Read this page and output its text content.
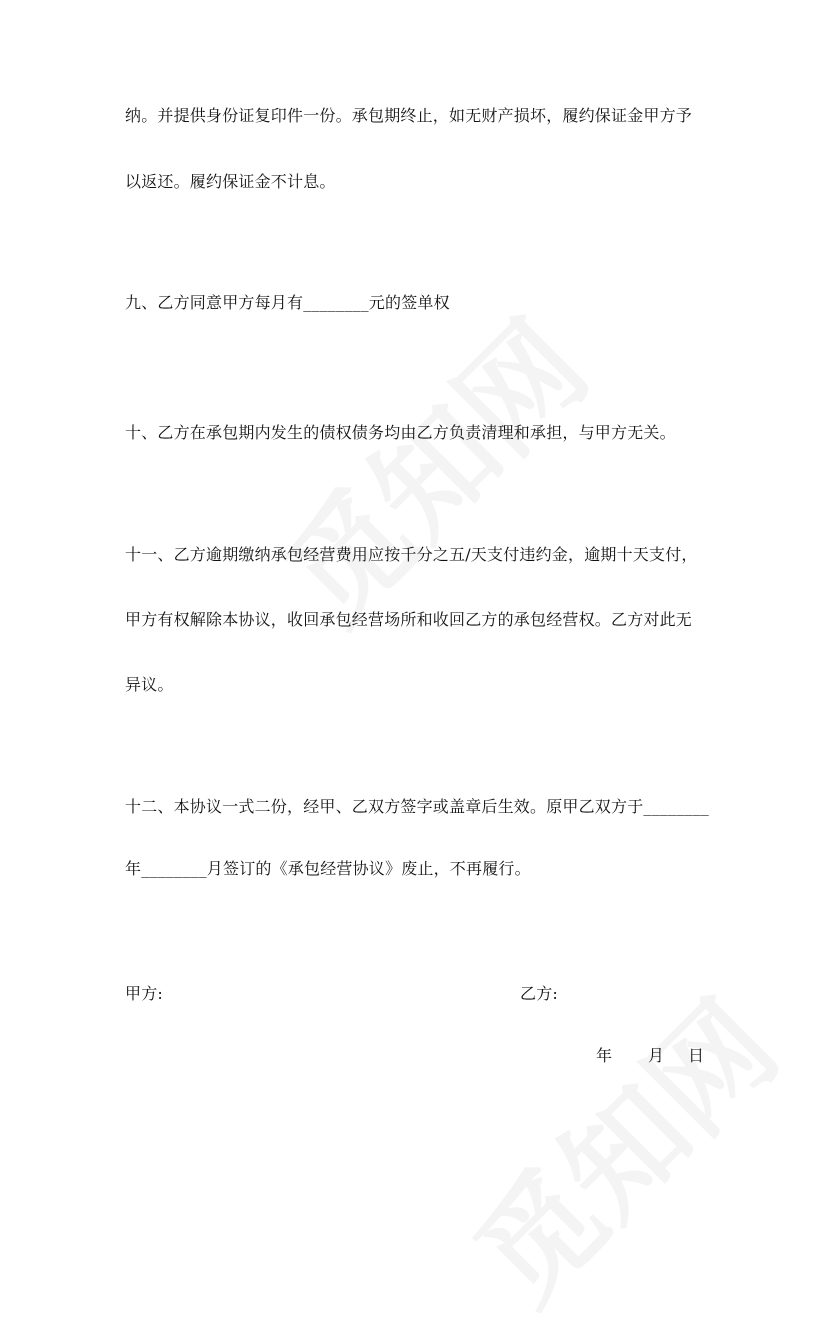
纳。并提供身份证复印件一份。承包期终止，如无财产损坏，履约保证金甲方予
以返还。履约保证金不计息。
九、乙方同意甲方每月有________元的签单权
十、乙方在承包期内发生的债权债务均由乙方负责清理和承担，与甲方无关。
十一、乙方逾期缴纳承包经营费用应按千分之五/天支付违约金，逾期十天支付，
甲方有权解除本协议，收回承包经营场所和收回乙方的承包经营权。乙方对此无
异议。
十二、本协议一式二份，经甲、乙双方签字或盖章后生效。原甲乙双方于________
年________月签订的《承包经营协议》废止，不再履行。
甲方:	乙方:
年 月 日
